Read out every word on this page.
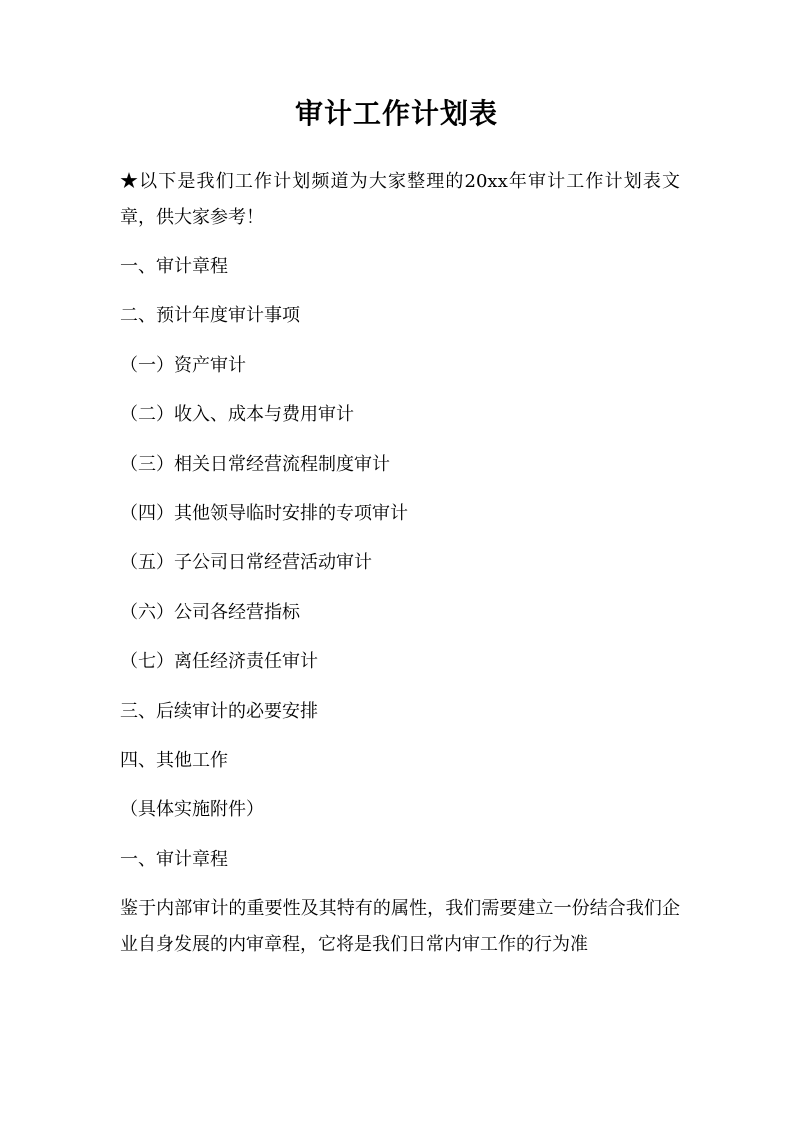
审计工作计划表

★以下是我们工作计划频道为大家整理的20xx年审计工作计划表文章，供大家参考！

一、审计章程

二、预计年度审计事项

（一）资产审计

（二）收入、成本与费用审计

（三）相关日常经营流程制度审计

（四）其他领导临时安排的专项审计

（五）子公司日常经营活动审计

（六）公司各经营指标

（七）离任经济责任审计

三、后续审计的必要安排

四、其他工作

（具体实施附件）

一、审计章程

鉴于内部审计的重要性及其特有的属性，我们需要建立一份结合我们企业自身发展的内审章程，它将是我们日常内审工作的行为准
